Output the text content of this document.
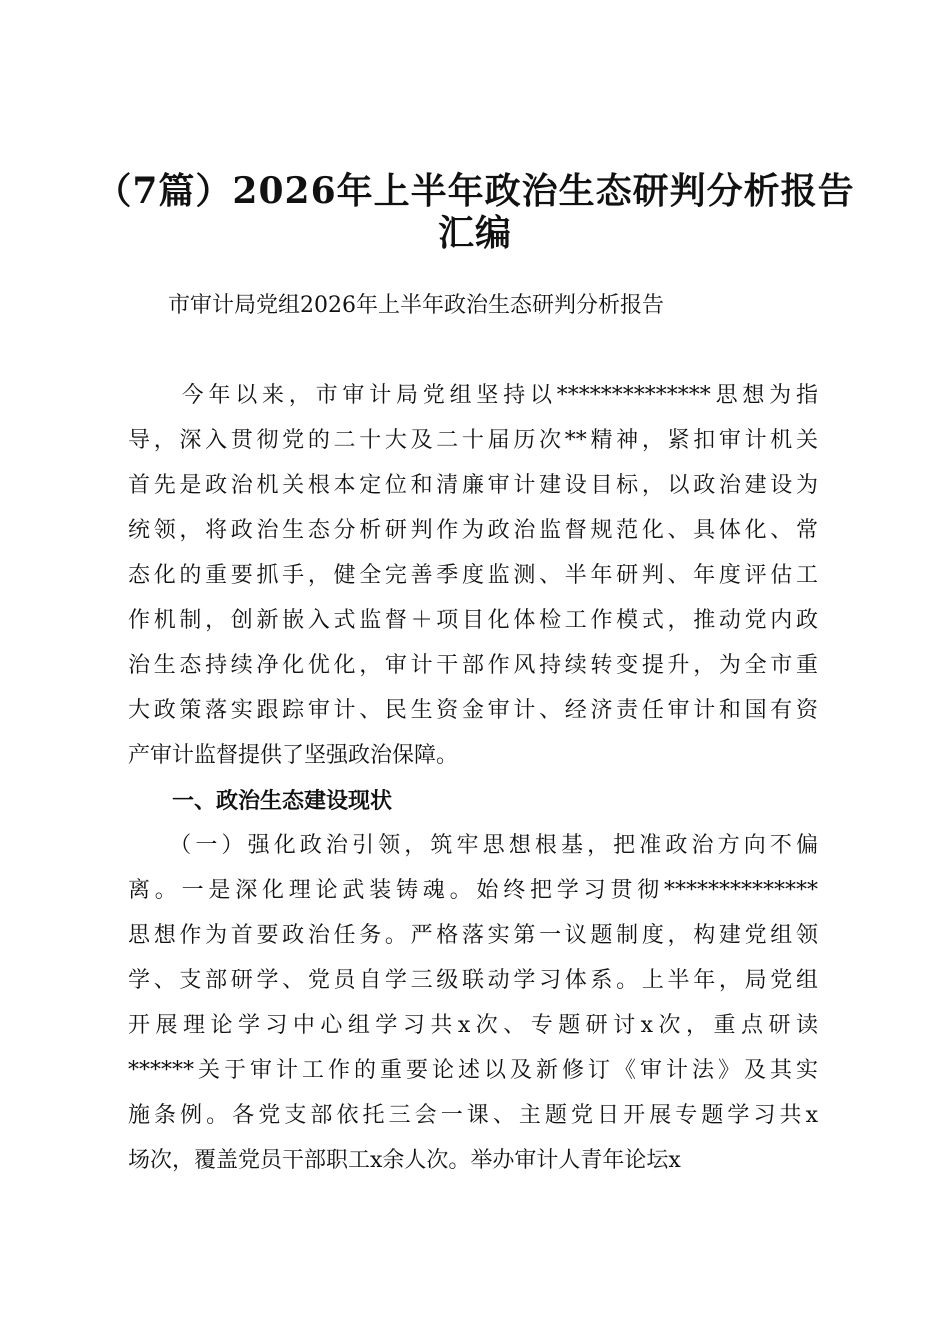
（7篇）2026年上半年政治生态研判分析报告
汇编
市审计局党组2026年上半年政治生态研判分析报告
　　今年以来，市审计局党组坚持以**************思想为指
导，深入贯彻党的二十大及二十届历次**精神，紧扣审计机关
首先是政治机关根本定位和清廉审计建设目标，以政治建设为
统领，将政治生态分析研判作为政治监督规范化、具体化、常
态化的重要抓手，健全完善季度监测、半年研判、年度评估工
作机制，创新嵌入式监督＋项目化体检工作模式，推动党内政
治生态持续净化优化，审计干部作风持续转变提升，为全市重
大政策落实跟踪审计、民生资金审计、经济责任审计和国有资
产审计监督提供了坚强政治保障。
　　一、政治生态建设现状
　　（一）强化政治引领，筑牢思想根基，把准政治方向不偏
离。一是深化理论武装铸魂。始终把学习贯彻**************
思想作为首要政治任务。严格落实第一议题制度，构建党组领
学、支部研学、党员自学三级联动学习体系。上半年，局党组
开展理论学习中心组学习共x次、专题研讨x次，重点研读
******关于审计工作的重要论述以及新修订《审计法》及其实
施条例。各党支部依托三会一课、主题党日开展专题学习共x
场次，覆盖党员干部职工x余人次。举办审计人青年论坛x
